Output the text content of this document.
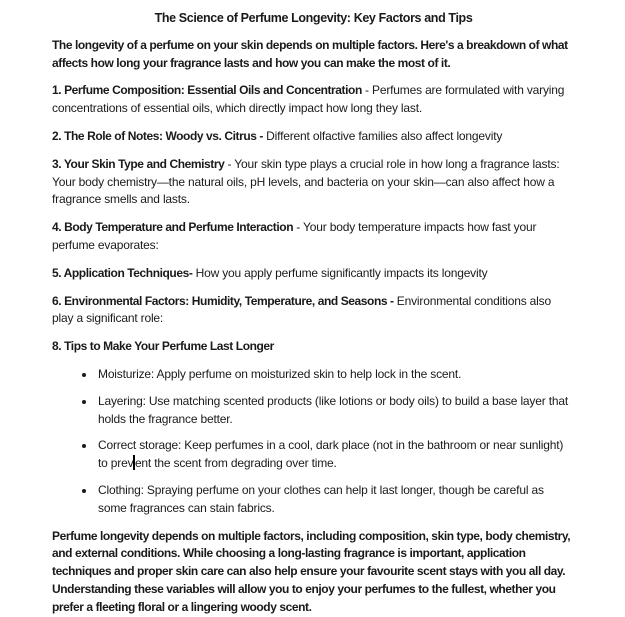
The Science of Perfume Longevity: Key Factors and Tips

The longevity of a perfume on your skin depends on multiple factors. Here's a breakdown of what affects how long your fragrance lasts and how you can make the most of it.

1. Perfume Composition: Essential Oils and Concentration - Perfumes are formulated with varying concentrations of essential oils, which directly impact how long they last.

2. The Role of Notes: Woody vs. Citrus - Different olfactive families also affect longevity

3. Your Skin Type and Chemistry - Your skin type plays a crucial role in how long a fragrance lasts: Your body chemistry—the natural oils, pH levels, and bacteria on your skin—can also affect how a fragrance smells and lasts.

4. Body Temperature and Perfume Interaction - Your body temperature impacts how fast your perfume evaporates:

5. Application Techniques- How you apply perfume significantly impacts its longevity

6. Environmental Factors: Humidity, Temperature, and Seasons - Environmental conditions also play a significant role:

8. Tips to Make Your Perfume Last Longer

• Moisturize: Apply perfume on moisturized skin to help lock in the scent.
• Layering: Use matching scented products (like lotions or body oils) to build a base layer that holds the fragrance better.
• Correct storage: Keep perfumes in a cool, dark place (not in the bathroom or near sunlight) to prev ent the scent from degrading over time.
• Clothing: Spraying perfume on your clothes can help it last longer, though be careful as some fragrances can stain fabrics.

Perfume longevity depends on multiple factors, including composition, skin type, body chemistry, and external conditions. While choosing a long-lasting fragrance is important, application techniques and proper skin care can also help ensure your favourite scent stays with you all day. Understanding these variables will allow you to enjoy your perfumes to the fullest, whether you prefer a fleeting floral or a lingering woody scent.
